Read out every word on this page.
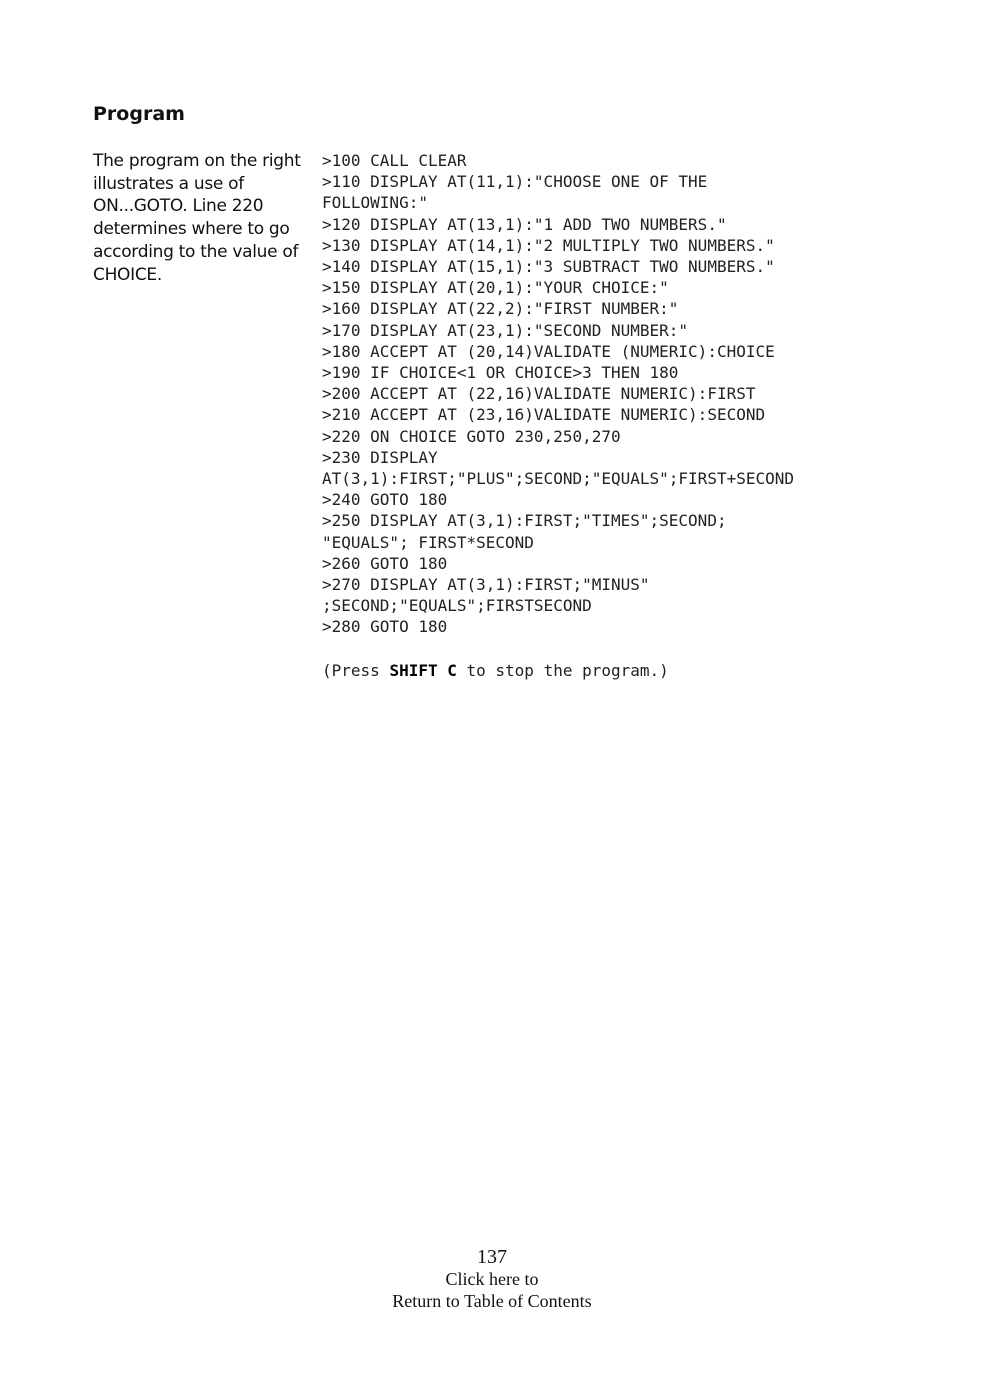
Program

The program on the right illustrates a use of ON...GOTO. Line 220 determines where to go according to the value of CHOICE.

>100 CALL CLEAR
>110 DISPLAY AT(11,1):"CHOOSE ONE OF THE
FOLLOWING:"
>120 DISPLAY AT(13,1):"1 ADD TWO NUMBERS."
>130 DISPLAY AT(14,1):"2 MULTIPLY TWO NUMBERS."
>140 DISPLAY AT(15,1):"3 SUBTRACT TWO NUMBERS."
>150 DISPLAY AT(20,1):"YOUR CHOICE:"
>160 DISPLAY AT(22,2):"FIRST NUMBER:"
>170 DISPLAY AT(23,1):"SECOND NUMBER:"
>180 ACCEPT AT (20,14)VALIDATE (NUMERIC):CHOICE
>190 IF CHOICE<1 OR CHOICE>3 THEN 180
>200 ACCEPT AT (22,16)VALIDATE NUMERIC):FIRST
>210 ACCEPT AT (23,16)VALIDATE NUMERIC):SECOND
>220 ON CHOICE GOTO 230,250,270
>230 DISPLAY
AT(3,1):FIRST;"PLUS";SECOND;"EQUALS";FIRST+SECOND
>240 GOTO 180
>250 DISPLAY AT(3,1):FIRST;"TIMES";SECOND;
"EQUALS"; FIRST*SECOND
>260 GOTO 180
>270 DISPLAY AT(3,1):FIRST;"MINUS"
;SECOND;"EQUALS";FIRSTSECOND
>280 GOTO 180

(Press SHIFT C to stop the program.)

137
Click here to
Return to Table of Contents
